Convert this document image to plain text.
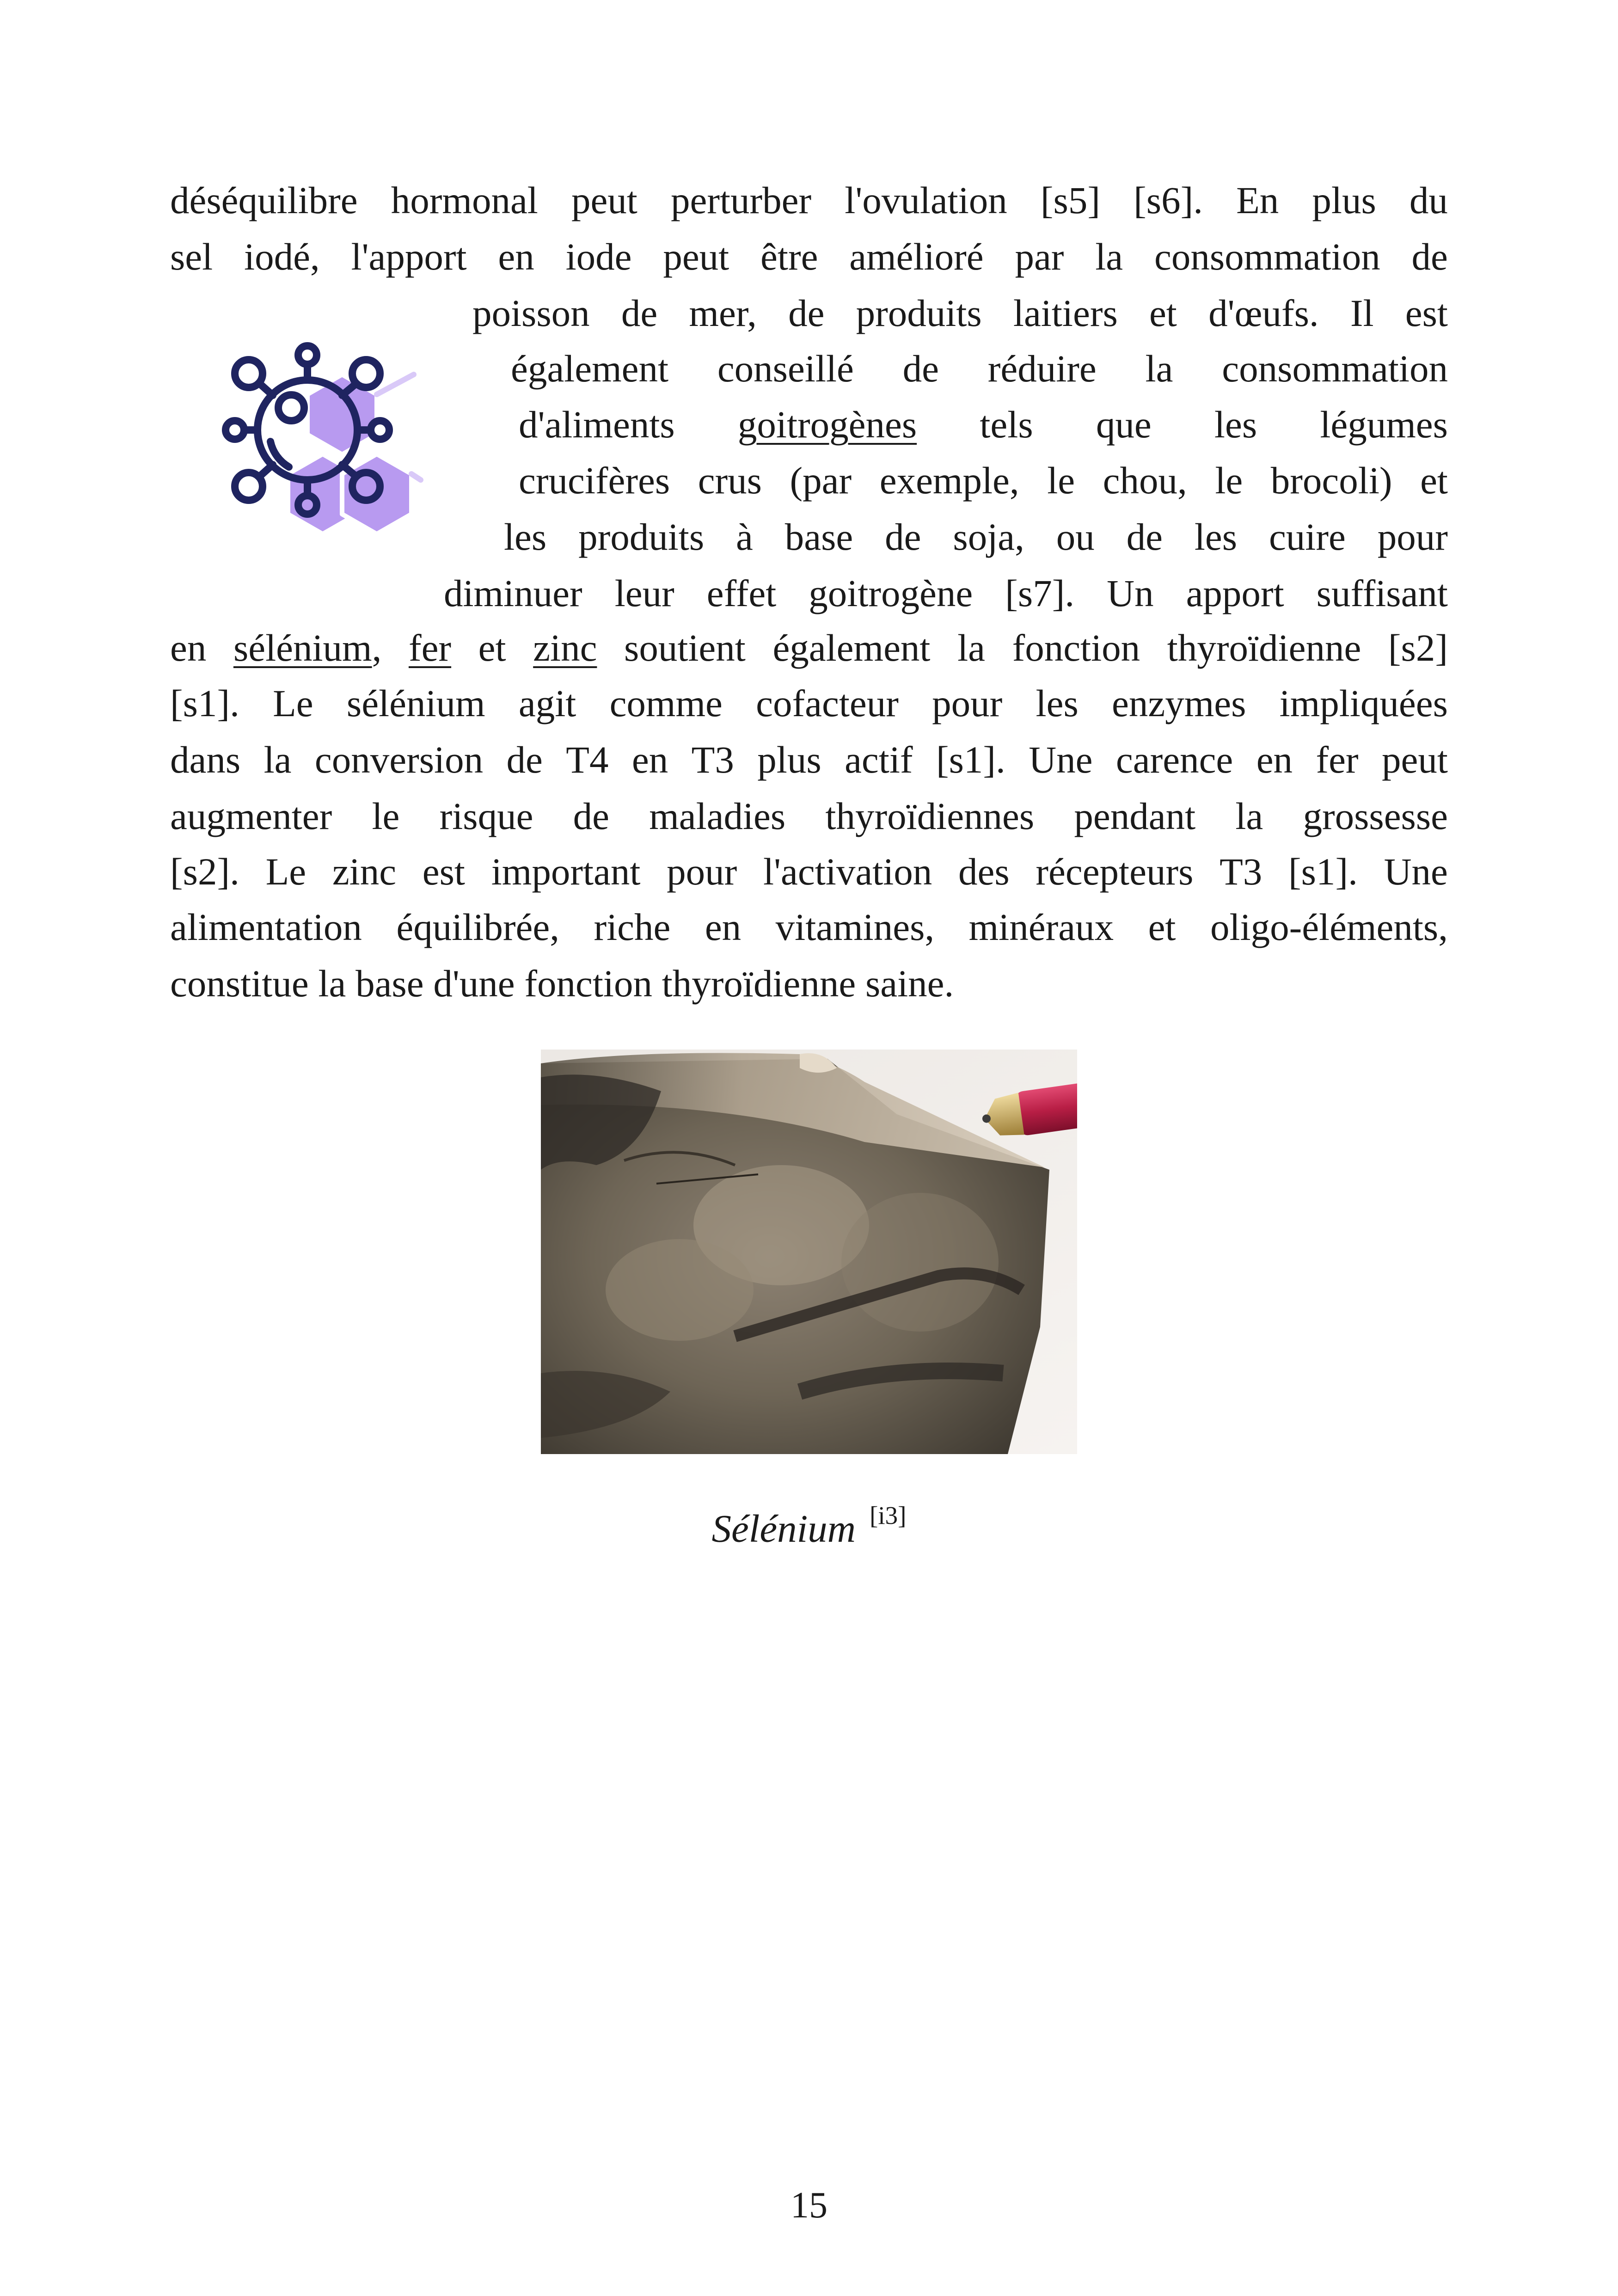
déséquilibre hormonal peut perturber l'ovulation [s5] [s6]. En plus du
sel iodé, l'apport en iode peut être amélioré par la consommation de
poisson de mer, de produits laitiers et d'œufs. Il est
également conseillé de réduire la consommation
d'aliments goitrogènes tels que les légumes
crucifères crus (par exemple, le chou, le brocoli) et
les produits à base de soja, ou de les cuire pour
diminuer leur effet goitrogène [s7]. Un apport suffisant
en sélénium, fer et zinc soutient également la fonction thyroïdienne [s2]
[s1]. Le sélénium agit comme cofacteur pour les enzymes impliquées
dans la conversion de T4 en T3 plus actif [s1]. Une carence en fer peut
augmenter le risque de maladies thyroïdiennes pendant la grossesse
[s2]. Le zinc est important pour l'activation des récepteurs T3 [s1]. Une
alimentation équilibrée, riche en vitamines, minéraux et oligo-éléments,
constitue la base d'une fonction thyroïdienne saine.
Sélénium [i3]
15
